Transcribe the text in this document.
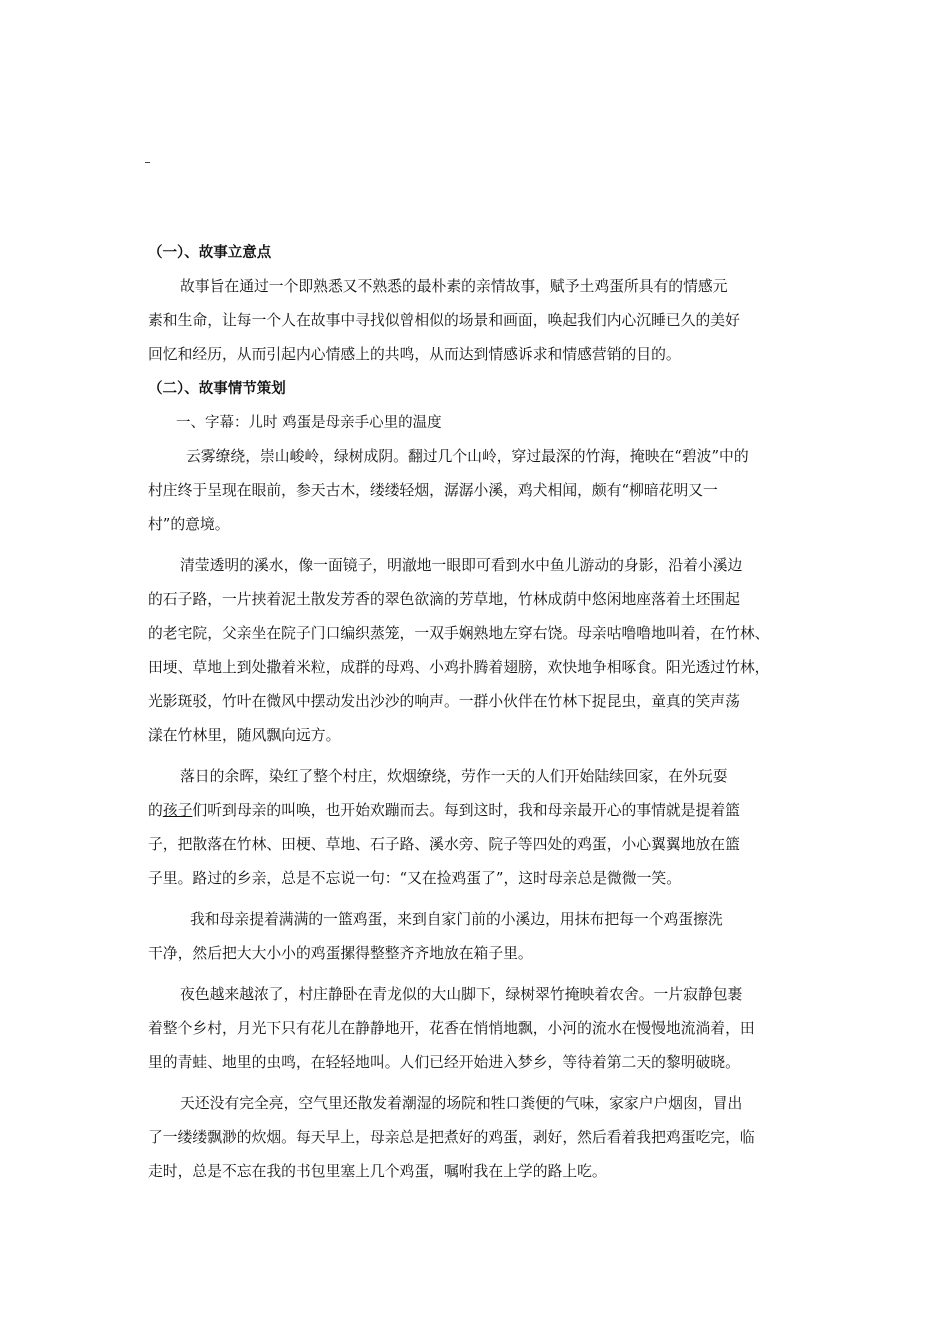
（一）、故事立意点

故事旨在通过一个即熟悉又不熟悉的最朴素的亲情故事，赋予土鸡蛋所具有的情感元
素和生命，让每一个人在故事中寻找似曾相似的场景和画面，唤起我们内心沉睡已久的美好
回忆和经历，从而引起内心情感上的共鸣，从而达到情感诉求和情感营销的目的。

（二）、故事情节策划

一、字幕：儿时 鸡蛋是母亲手心里的温度

云雾缭绕，崇山峻岭，绿树成阴。翻过几个山岭，穿过最深的竹海，掩映在“碧波”中的
村庄终于呈现在眼前，参天古木，缕缕轻烟，潺潺小溪，鸡犬相闻，颇有“柳暗花明又一
村”的意境。

清莹透明的溪水，像一面镜子，明澈地一眼即可看到水中鱼儿游动的身影，沿着小溪边
的石子路，一片挟着泥土散发芳香的翠色欲滴的芳草地，竹林成荫中悠闲地座落着土坯围起
的老宅院，父亲坐在院子门口编织蒸笼，一双手娴熟地左穿右饶。母亲咕噜噜地叫着，在竹林、
田埂、草地上到处撒着米粒，成群的母鸡、小鸡扑腾着翅膀，欢快地争相啄食。阳光透过竹林，
光影斑驳，竹叶在微风中摆动发出沙沙的响声。一群小伙伴在竹林下捉昆虫，童真的笑声荡
漾在竹林里，随风飘向远方。

落日的余晖，染红了整个村庄，炊烟缭绕，劳作一天的人们开始陆续回家，在外玩耍
的孩子们听到母亲的叫唤，也开始欢蹦而去。每到这时，我和母亲最开心的事情就是提着篮
子，把散落在竹林、田梗、草地、石子路、溪水旁、院子等四处的鸡蛋，小心翼翼地放在篮
子里。路过的乡亲，总是不忘说一句：“又在捡鸡蛋了”，这时母亲总是微微一笑。

我和母亲提着满满的一篮鸡蛋，来到自家门前的小溪边，用抹布把每一个鸡蛋擦洗
干净，然后把大大小小的鸡蛋摞得整整齐齐地放在箱子里。

夜色越来越浓了，村庄静卧在青龙似的大山脚下，绿树翠竹掩映着农舍。一片寂静包裹
着整个乡村，月光下只有花儿在静静地开，花香在悄悄地飘，小河的流水在慢慢地流淌着，田
里的青蛙、地里的虫鸣，在轻轻地叫。人们已经开始进入梦乡，等待着第二天的黎明破晓。

天还没有完全亮，空气里还散发着潮湿的场院和牲口粪便的气味，家家户户烟囱，冒出
了一缕缕飘渺的炊烟。每天早上，母亲总是把煮好的鸡蛋，剥好，然后看着我把鸡蛋吃完，临
走时，总是不忘在我的书包里塞上几个鸡蛋，嘱咐我在上学的路上吃。
